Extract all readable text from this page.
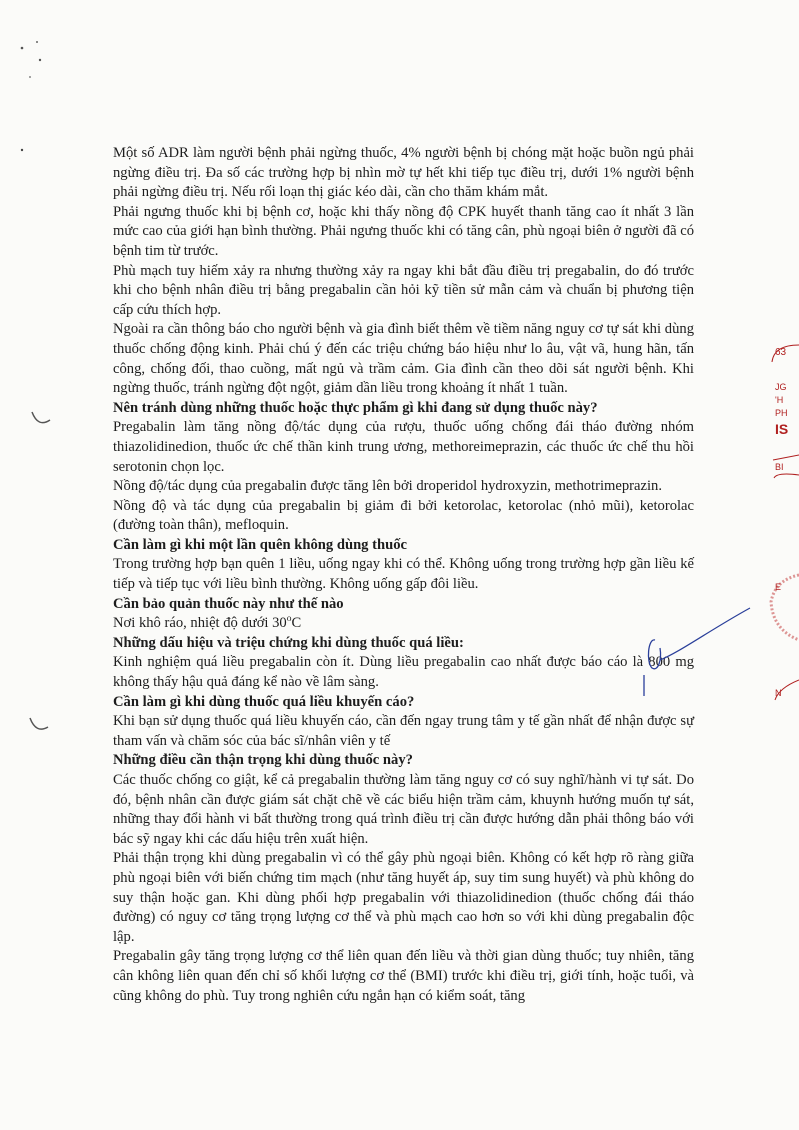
Một số ADR làm người bệnh phải ngừng thuốc, 4% người bệnh bị chóng mặt hoặc buồn ngủ phải ngừng điều trị. Đa số các trường hợp bị nhìn mờ tự hết khi tiếp tục điều trị, dưới 1% người bệnh phải ngừng điều trị. Nếu rối loạn thị giác kéo dài, cần cho thăm khám mắt.

Phải ngưng thuốc khi bị bệnh cơ, hoặc khi thấy nồng độ CPK huyết thanh tăng cao ít nhất 3 lần mức cao của giới hạn bình thường. Phải ngưng thuốc khi có tăng cân, phù ngoại biên ở người đã có bệnh tim từ trước.

Phù mạch tuy hiếm xảy ra nhưng thường xảy ra ngay khi bắt đầu điều trị pregabalin, do đó trước khi cho bệnh nhân điều trị bằng pregabalin cần hỏi kỹ tiền sử mẫn cảm và chuẩn bị phương tiện cấp cứu thích hợp.

Ngoài ra cần thông báo cho người bệnh và gia đình biết thêm về tiềm năng nguy cơ tự sát khi dùng thuốc chống động kinh. Phải chú ý đến các triệu chứng báo hiệu như lo âu, vật vã, hung hãn, tấn công, chống đối, thao cuồng, mất ngủ và trầm cảm. Gia đình cần theo dõi sát người bệnh. Khi ngừng thuốc, tránh ngừng đột ngột, giảm dần liều trong khoảng ít nhất 1 tuần.

Nên tránh dùng những thuốc hoặc thực phẩm gì khi đang sử dụng thuốc này?

Pregabalin làm tăng nồng độ/tác dụng của rượu, thuốc uống chống đái tháo đường nhóm thiazolidinedion, thuốc ức chế thần kinh trung ương, methoreimeprazin, các thuốc ức chế thu hồi serotonin chọn lọc.

Nồng độ/tác dụng của pregabalin được tăng lên bởi droperidol hydroxyzin, methotrimeprazin.

Nồng độ và tác dụng của pregabalin bị giảm đi bởi ketorolac, ketorolac (nhỏ mũi), ketorolac (đường toàn thân), mefloquin.

Cần làm gì khi một lần quên không dùng thuốc

Trong trường hợp bạn quên 1 liều, uống ngay khi có thể. Không uống trong trường hợp gần liều kế tiếp và tiếp tục với liều bình thường. Không uống gấp đôi liều.

Cần bảo quản thuốc này như thế nào

Nơi khô ráo, nhiệt độ dưới 30$^o$C

Những dấu hiệu và triệu chứng khi dùng thuốc quá liều:

Kinh nghiệm quá liều pregabalin còn ít. Dùng liều pregabalin cao nhất được báo cáo là 800 mg không thấy hậu quả đáng kể nào về lâm sàng.

Cần làm gì khi dùng thuốc quá liều khuyến cáo?

Khi bạn sử dụng thuốc quá liều khuyến cáo, cần đến ngay trung tâm y tế gần nhất để nhận được sự tham vấn và chăm sóc của bác sĩ/nhân viên y tế

Những điều cần thận trọng khi dùng thuốc này?

Các thuốc chống co giật, kể cả pregabalin thường làm tăng nguy cơ có suy nghĩ/hành vi tự sát. Do đó, bệnh nhân cần được giám sát chặt chẽ về các biểu hiện trầm cảm, khuynh hướng muốn tự sát, những thay đổi hành vi bất thường trong quá trình điều trị cần được hướng dẫn phải thông báo với bác sỹ ngay khi các dấu hiệu trên xuất hiện.

Phải thận trọng khi dùng pregabalin vì có thể gây phù ngoại biên. Không có kết hợp rõ ràng giữa phù ngoại biên với biến chứng tim mạch (như tăng huyết áp, suy tim sung huyết) và phù không do suy thận hoặc gan. Khi dùng phối hợp pregabalin với thiazolidinedion (thuốc chống đái tháo đường) có nguy cơ tăng trọng lượng cơ thể và phù mạch cao hơn so với khi dùng pregabalin độc lập.

Pregabalin gây tăng trọng lượng cơ thể liên quan đến liều và thời gian dùng thuốc; tuy nhiên, tăng cân không liên quan đến chỉ số khối lượng cơ thể (BMI) trước khi điều trị, giới tính, hoặc tuổi, và cũng không do phù. Tuy trong nghiên cứu ngắn hạn có kiểm soát, tăng

63
JG
'H
PH
IS
BI
E
N
